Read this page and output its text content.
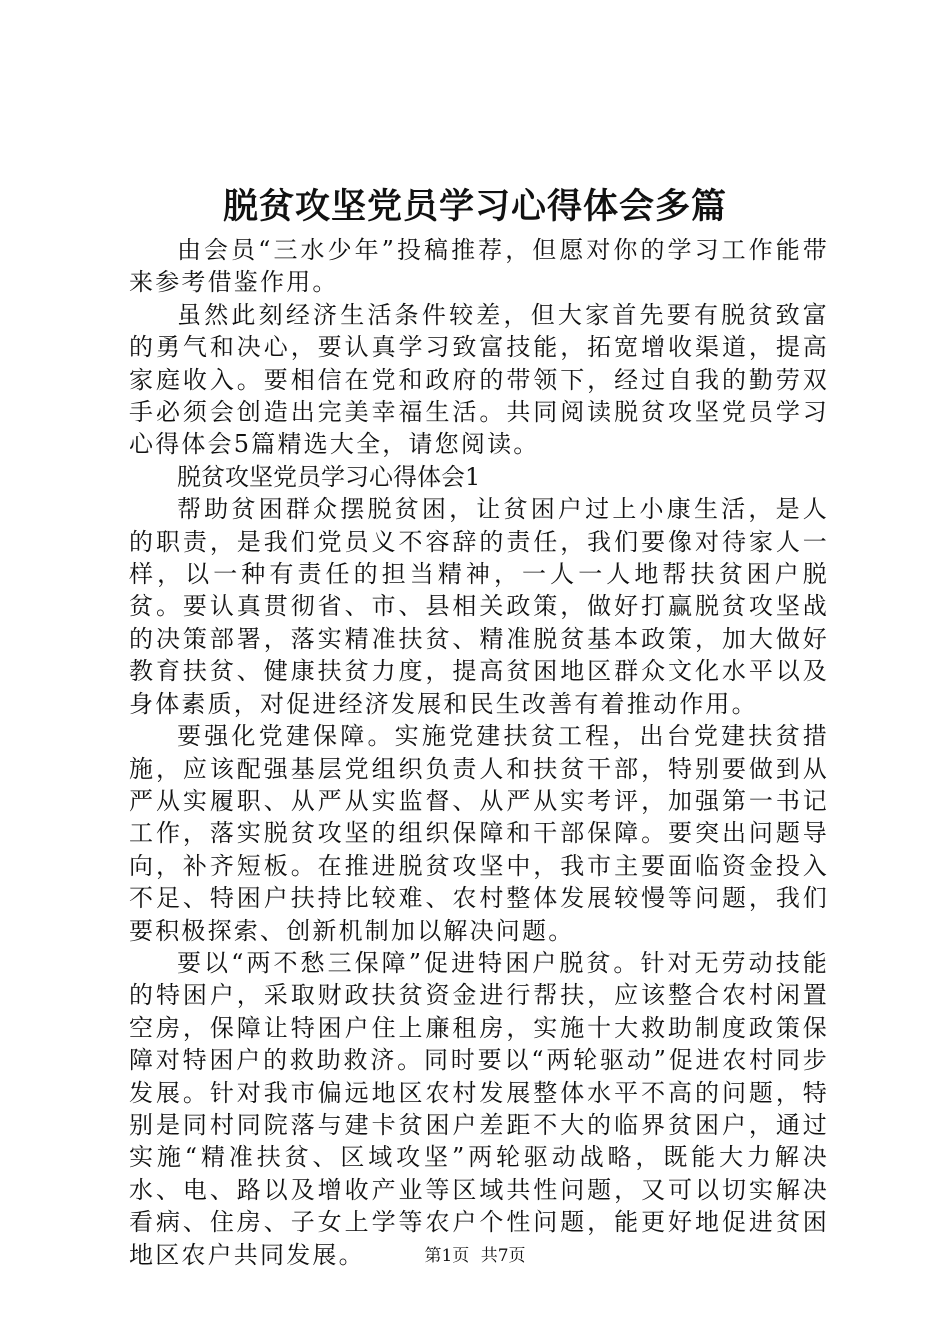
脱贫攻坚党员学习心得体会多篇

由会员“三水少年”投稿推荐，但愿对你的学习工作能带来参考借鉴作用。

虽然此刻经济生活条件较差，但大家首先要有脱贫致富的勇气和决心，要认真学习致富技能，拓宽增收渠道，提高家庭收入。要相信在党和政府的带领下，经过自我的勤劳双手必须会创造出完美幸福生活。共同阅读脱贫攻坚党员学习心得体会5篇精选大全，请您阅读。

脱贫攻坚党员学习心得体会1

帮助贫困群众摆脱贫困，让贫困户过上小康生活，是人的职责，是我们党员义不容辞的责任，我们要像对待家人一样，以一种有责任的担当精神，一人一人地帮扶贫困户脱贫。要认真贯彻省、市、县相关政策，做好打赢脱贫攻坚战的决策部署，落实精准扶贫、精准脱贫基本政策，加大做好教育扶贫、健康扶贫力度，提高贫困地区群众文化水平以及身体素质，对促进经济发展和民生改善有着推动作用。

要强化党建保障。实施党建扶贫工程，出台党建扶贫措施，应该配强基层党组织负责人和扶贫干部，特别要做到从严从实履职、从严从实监督、从严从实考评，加强第一书记工作，落实脱贫攻坚的组织保障和干部保障。要突出问题导向，补齐短板。在推进脱贫攻坚中，我市主要面临资金投入不足、特困户扶持比较难、农村整体发展较慢等问题，我们要积极探索、创新机制加以解决问题。

要以“两不愁三保障”促进特困户脱贫。针对无劳动技能的特困户，采取财政扶贫资金进行帮扶，应该整合农村闲置空房，保障让特困户住上廉租房，实施十大救助制度政策保障对特困户的救助救济。同时要以“两轮驱动”促进农村同步发展。针对我市偏远地区农村发展整体水平不高的问题，特别是同村同院落与建卡贫困户差距不大的临界贫困户，通过实施“精准扶贫、区域攻坚”两轮驱动战略，既能大力解决水、电、路以及增收产业等区域共性问题，又可以切实解决看病、住房、子女上学等农户个性问题，能更好地促进贫困地区农户共同发展。	第1页 共7页
